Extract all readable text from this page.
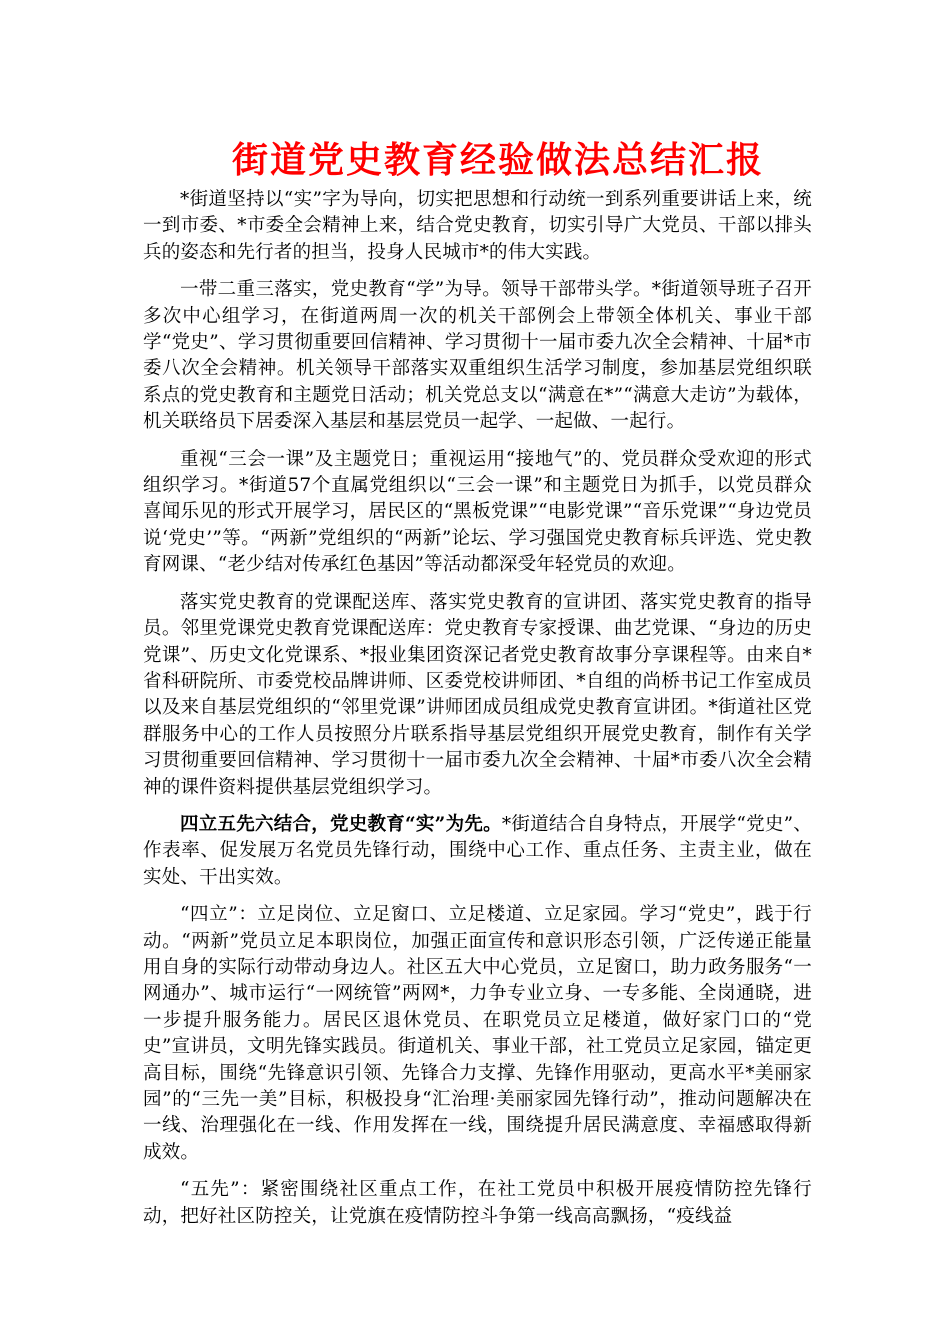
街道党史教育经验做法总结汇报

*街道坚持以“实”字为导向，切实把思想和行动统一到系列重要讲话上来，统一到市委、*市委全会精神上来，结合党史教育，切实引导广大党员、干部以排头兵的姿态和先行者的担当，投身人民城市*的伟大实践。

一带二重三落实，党史教育“学”为导。领导干部带头学。*街道领导班子召开多次中心组学习，在街道两周一次的机关干部例会上带领全体机关、事业干部学“党史”、学习贯彻重要回信精神、学习贯彻十一届市委九次全会精神、十届*市委八次全会精神。机关领导干部落实双重组织生活学习制度，参加基层党组织联系点的党史教育和主题党日活动；机关党总支以“满意在*”“满意大走访”为载体，机关联络员下居委深入基层和基层党员一起学、一起做、一起行。

重视“三会一课”及主题党日；重视运用“接地气”的、党员群众受欢迎的形式组织学习。*街道57个直属党组织以“三会一课”和主题党日为抓手，以党员群众喜闻乐见的形式开展学习，居民区的“黑板党课”“电影党课”“音乐党课”“身边党员说‘党史’”等。“两新”党组织的“两新”论坛、学习强国党史教育标兵评选、党史教育网课、“老少结对传承红色基因”等活动都深受年轻党员的欢迎。

落实党史教育的党课配送库、落实党史教育的宣讲团、落实党史教育的指导员。邻里党课党史教育党课配送库：党史教育专家授课、曲艺党课、“身边的历史党课”、历史文化党课系、*报业集团资深记者党史教育故事分享课程等。由来自*省科研院所、市委党校品牌讲师、区委党校讲师团、*自组的尚桥书记工作室成员以及来自基层党组织的“邻里党课”讲师团成员组成党史教育宣讲团。*街道社区党群服务中心的工作人员按照分片联系指导基层党组织开展党史教育，制作有关学习贯彻重要回信精神、学习贯彻十一届市委九次全会精神、十届*市委八次全会精神的课件资料提供基层党组织学习。

四立五先六结合，党史教育“实”为先。*街道结合自身特点，开展学“党史”、作表率、促发展万名党员先锋行动，围绕中心工作、重点任务、主责主业，做在实处、干出实效。

“四立”：立足岗位、立足窗口、立足楼道、立足家园。学习“党史”，践于行动。“两新”党员立足本职岗位，加强正面宣传和意识形态引领，广泛传递正能量用自身的实际行动带动身边人。社区五大中心党员，立足窗口，助力政务服务“一网通办”、城市运行“一网统管”两网*，力争专业立身、一专多能、全岗通晓，进一步提升服务能力。居民区退休党员、在职党员立足楼道，做好家门口的“党史”宣讲员，文明先锋实践员。街道机关、事业干部，社工党员立足家园，锚定更高目标，围绕“先锋意识引领、先锋合力支撑、先锋作用驱动，更高水平*美丽家园”的“三先一美”目标，积极投身“汇治理·美丽家园先锋行动”，推动问题解决在一线、治理强化在一线、作用发挥在一线，围绕提升居民满意度、幸福感取得新成效。

“五先”：紧密围绕社区重点工作，在社工党员中积极开展疫情防控先锋行动，把好社区防控关，让党旗在疫情防控斗争第一线高高飘扬，“疫线益
